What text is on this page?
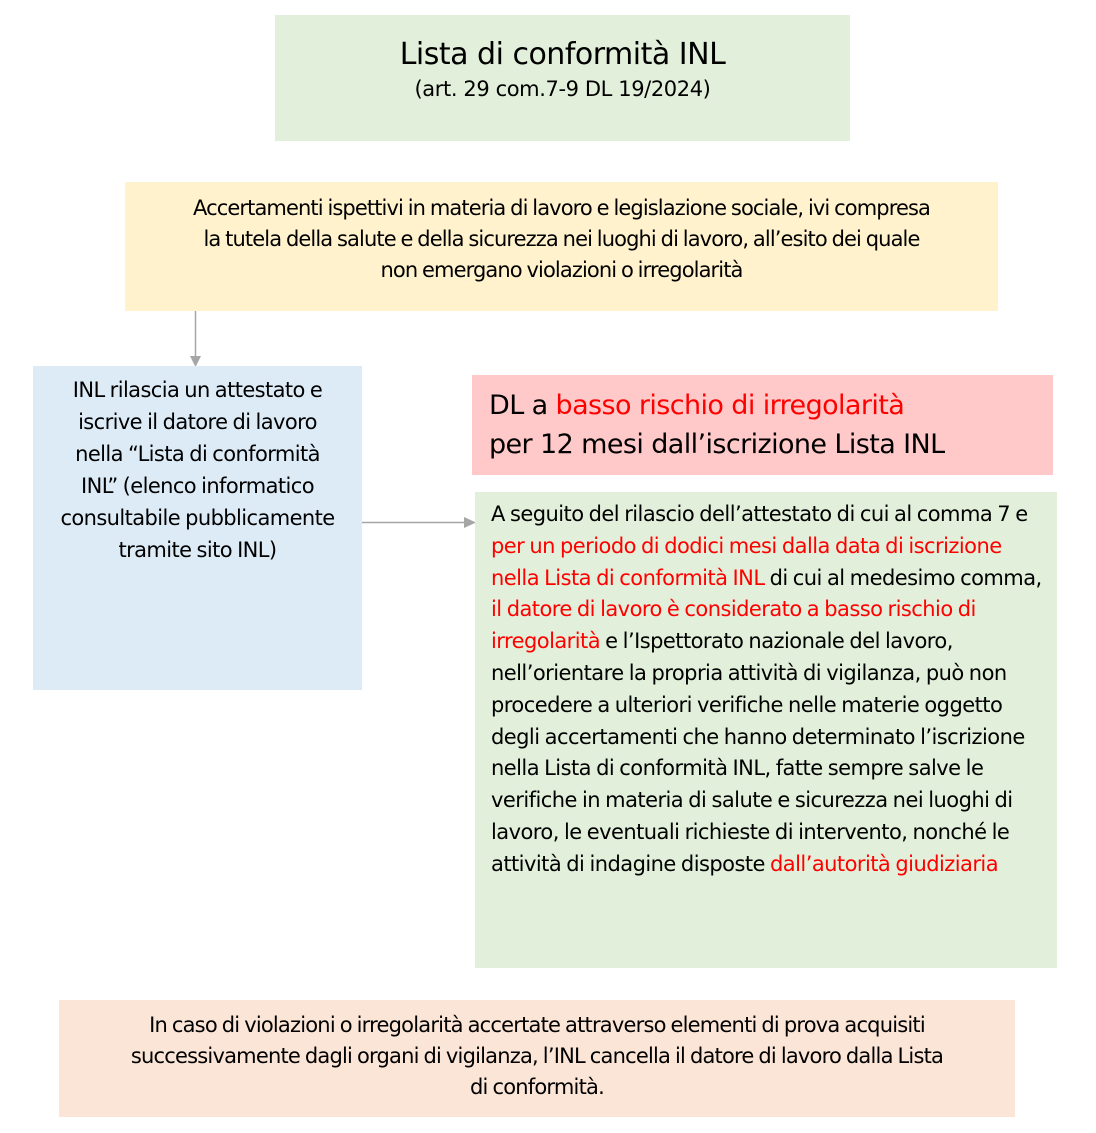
Lista di conformità INL
(art. 29 com.7-9 DL 19/2024)
Accertamenti ispettivi in materia di lavoro e legislazione sociale, ivi compresa
la tutela della salute e della sicurezza nei luoghi di lavoro, all’esito dei quale
non emergano violazioni o irregolarità
INL rilascia un attestato e
iscrive il datore di lavoro
nella “Lista di conformità
INL” (elenco informatico
consultabile pubblicamente
tramite sito INL)
DL a basso rischio di irregolarità
per 12 mesi dall’iscrizione Lista INL
A seguito del rilascio dell’attestato di cui al comma 7 e per un periodo di dodici mesi dalla data di iscrizione nella Lista di conformità INL di cui al medesimo comma, il datore di lavoro è considerato a basso rischio di irregolarità e l’Ispettorato nazionale del lavoro, nell’orientare la propria attività di vigilanza, può non procedere a ulteriori verifiche nelle materie oggetto degli accertamenti che hanno determinato l’iscrizione nella Lista di conformità INL, fatte sempre salve le verifiche in materia di salute e sicurezza nei luoghi di lavoro, le eventuali richieste di intervento, nonché le attività di indagine disposte dall’autorità giudiziaria
In caso di violazioni o irregolarità accertate attraverso elementi di prova acquisiti
successivamente dagli organi di vigilanza, l’INL cancella il datore di lavoro dalla Lista
di conformità.
